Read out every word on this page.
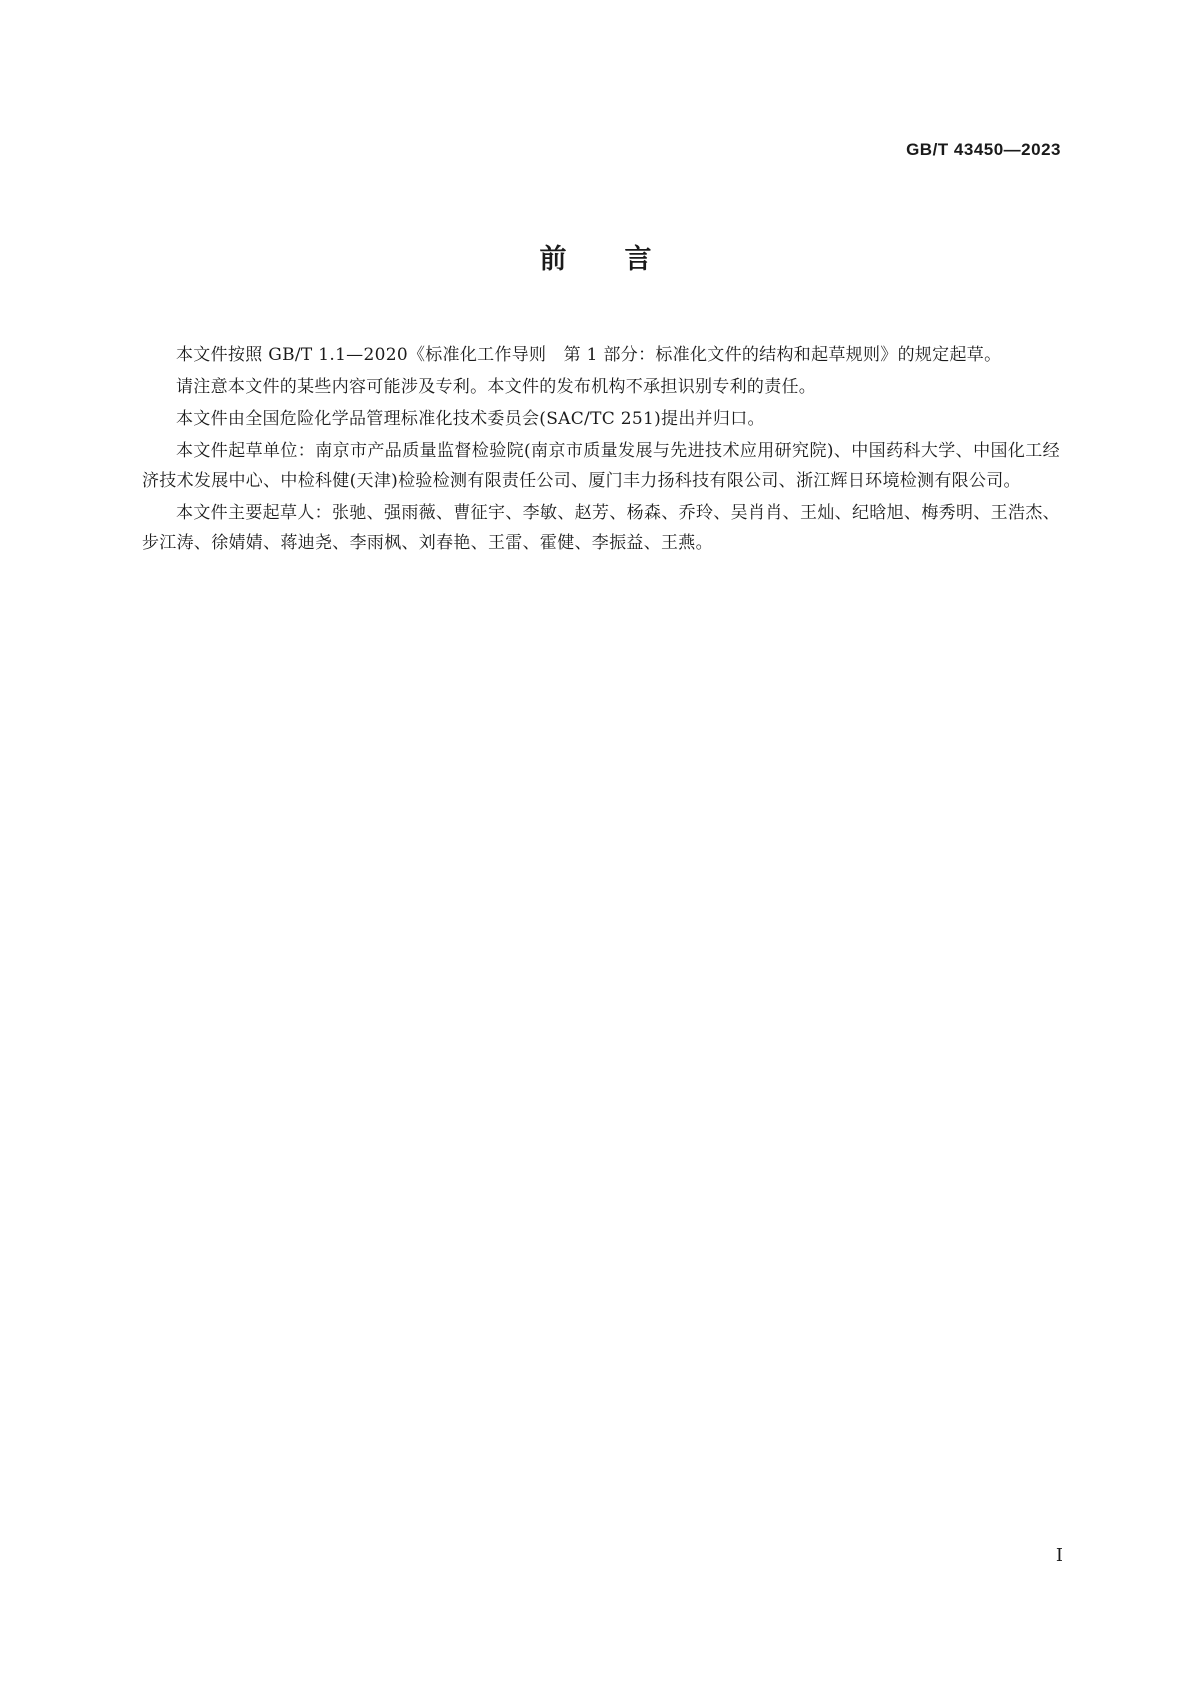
GB/T 43450—2023
前言

本文件按照 GB/T 1.1—2020《标准化工作导则　第 1 部分：标准化文件的结构和起草规则》的规定起草。

请注意本文件的某些内容可能涉及专利。本文件的发布机构不承担识别专利的责任。

本文件由全国危险化学品管理标准化技术委员会(SAC/TC 251)提出并归口。

本文件起草单位：南京市产品质量监督检验院(南京市质量发展与先进技术应用研究院)、中国药科大学、中国化工经济技术发展中心、中检科健(天津)检验检测有限责任公司、厦门丰力扬科技有限公司、浙江辉日环境检测有限公司。

本文件主要起草人：张驰、强雨薇、曹征宇、李敏、赵芳、杨森、乔玲、吴肖肖、王灿、纪晗旭、梅秀明、王浩杰、步江涛、徐婧婧、蒋迪尧、李雨枫、刘春艳、王雷、霍健、李振益、王燕。

I
